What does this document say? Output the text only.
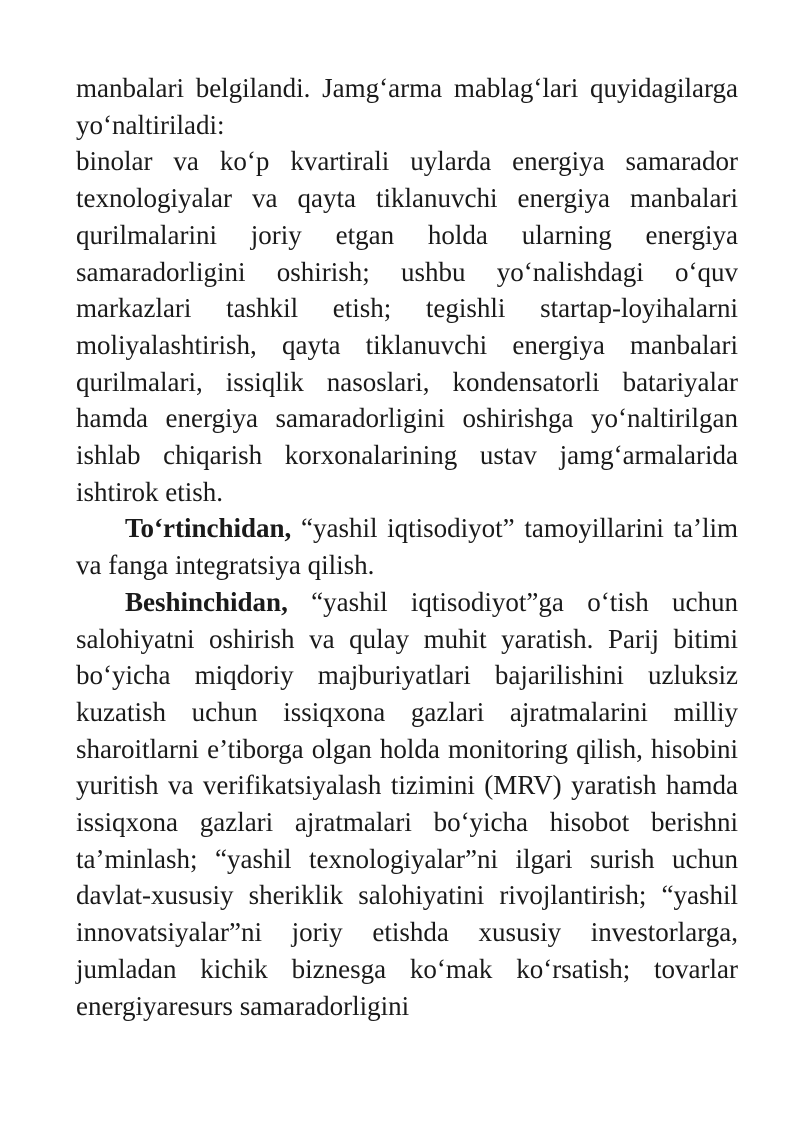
manbalari belgilandi. Jamg‘arma mablag‘lari quyidagilarga yo‘naltiriladi:

binolar va ko‘p kvartirali uylarda energiya samarador texnologiyalar va qayta tiklanuvchi energiya manbalari qurilmalarini joriy etgan holda ularning energiya samaradorligini oshirish; ushbu yo‘nalishdagi o‘quv markazlari tashkil etish; tegishli startap-loyihalarni moliyalashtirish, qayta tiklanuvchi energiya manbalari qurilmalari, issiqlik nasoslari, kondensatorli batariyalar hamda energiya samaradorligini oshirishga yo‘naltirilgan ishlab chiqarish korxonalarining ustav jamg‘armalarida ishtirok etish.

To‘rtinchidan, “yashil iqtisodiyot” tamoyillarini ta’lim va fanga integratsiya qilish.

Beshinchidan, “yashil iqtisodiyot”ga o‘tish uchun salohiyatni oshirish va qulay muhit yaratish. Parij bitimi bo‘yicha miqdoriy majburiyatlari bajarilishini uzluksiz kuzatish uchun issiqxona gazlari ajratmalarini milliy sharoitlarni e’tiborga olgan holda monitoring qilish, hisobini yuritish va verifikatsiyalash tizimini (MRV) yaratish hamda issiqxona gazlari ajratmalari bo‘yicha hisobot berishni ta’minlash; “yashil texnologiyalar”ni ilgari surish uchun davlat-xususiy sheriklik salohiyatini rivojlantirish; “yashil innovatsiyalar”ni joriy etishda xususiy investorlarga, jumladan kichik biznesga ko‘mak ko‘rsatish; tovarlar energiyaresurs samaradorligini
